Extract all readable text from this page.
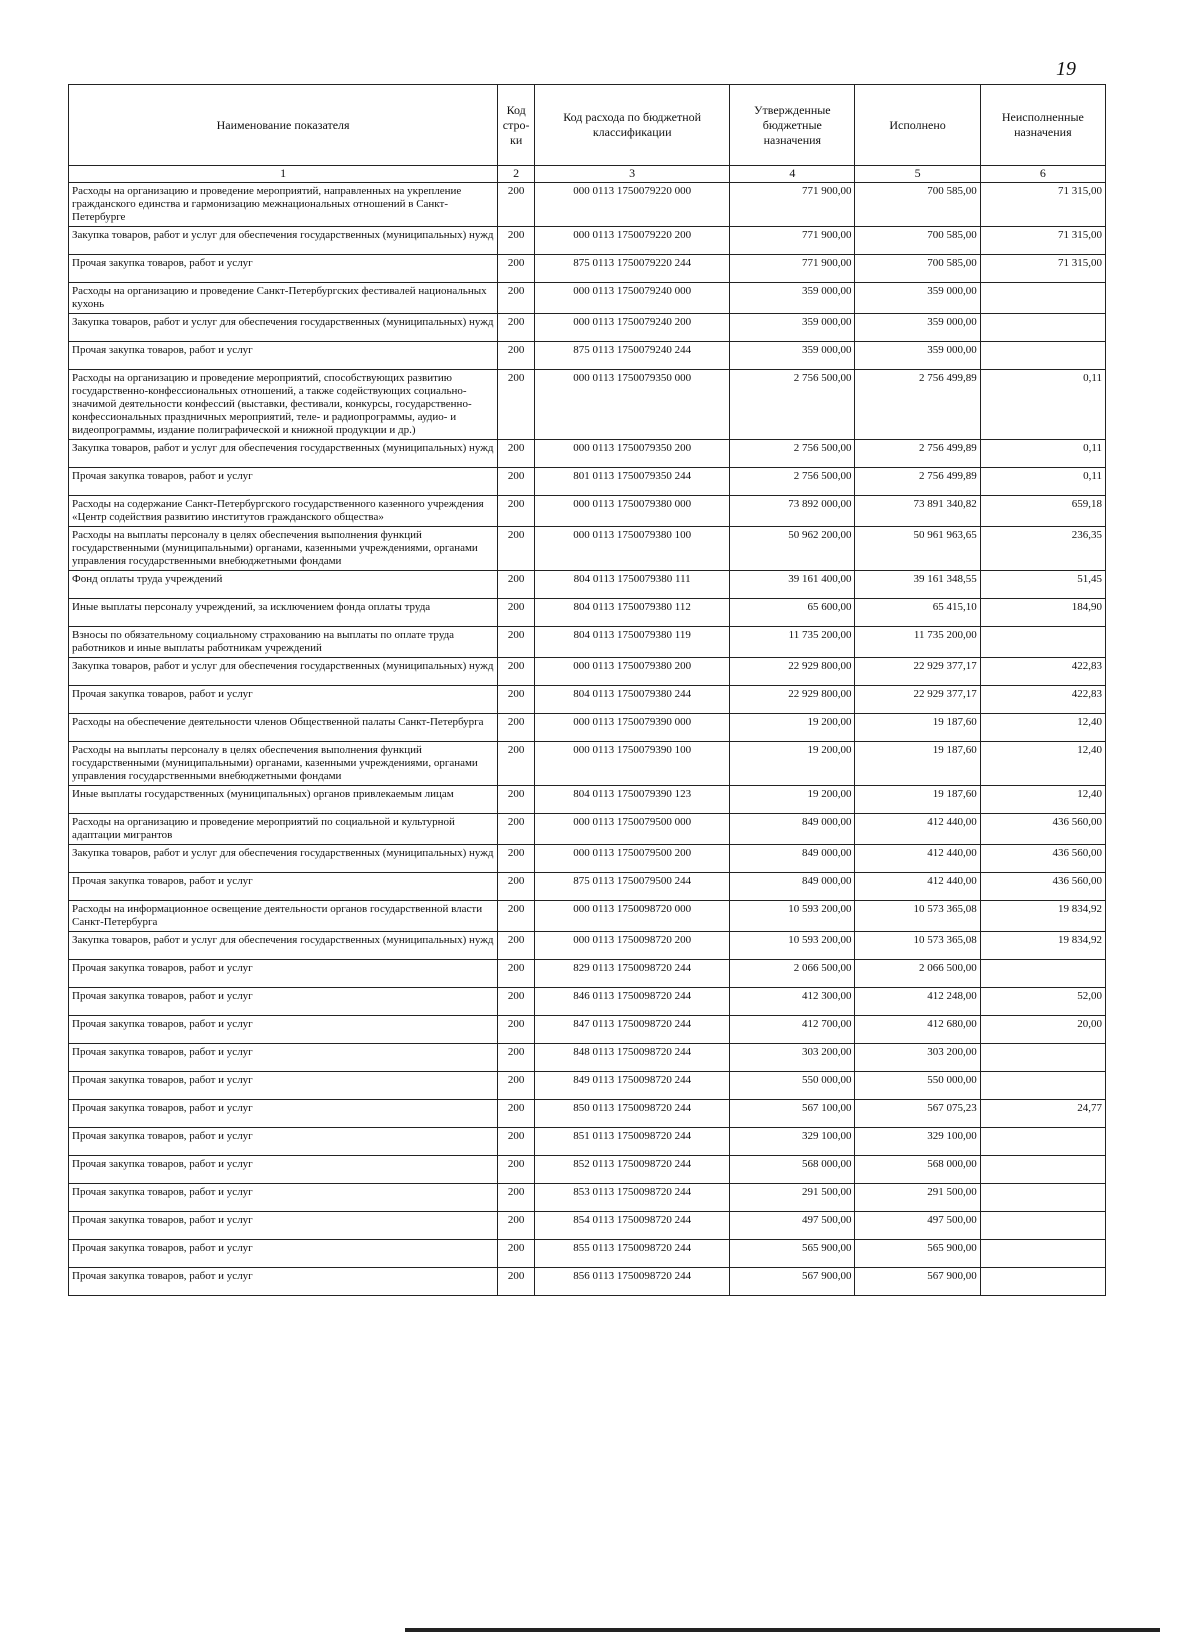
19
Наименование показателя	Код стро- ки	Код расхода по бюджетной классификации	Утвержденные бюджетные назначения	Исполнено	Неисполненные назначения
1	2	3	4	5	6
Расходы на организацию и проведение мероприятий, направленных на укрепление гражданского единства и гармонизацию межнациональных отношений в Санкт-Петербурге	200	000 0113 1750079220 000	771 900,00	700 585,00	71 315,00
Закупка товаров, работ и услуг для обеспечения государственных (муниципальных) нужд	200	000 0113 1750079220 200	771 900,00	700 585,00	71 315,00
Прочая закупка товаров, работ и услуг	200	875 0113 1750079220 244	771 900,00	700 585,00	71 315,00
Расходы на организацию и проведение Санкт-Петербургских фестивалей национальных кухонь	200	000 0113 1750079240 000	359 000,00	359 000,00	
Закупка товаров, работ и услуг для обеспечения государственных (муниципальных) нужд	200	000 0113 1750079240 200	359 000,00	359 000,00	
Прочая закупка товаров, работ и услуг	200	875 0113 1750079240 244	359 000,00	359 000,00	
Расходы на организацию и проведение мероприятий, способствующих развитию государственно-конфессиональных отношений, а также содействующих социально-значимой деятельности конфессий (выставки, фестивали, конкурсы, государственно-конфессиональных праздничных мероприятий, теле- и радиопрограммы, аудио- и видеопрограммы, издание полиграфической и книжной продукции и др.)	200	000 0113 1750079350 000	2 756 500,00	2 756 499,89	0,11
Закупка товаров, работ и услуг для обеспечения государственных (муниципальных) нужд	200	000 0113 1750079350 200	2 756 500,00	2 756 499,89	0,11
Прочая закупка товаров, работ и услуг	200	801 0113 1750079350 244	2 756 500,00	2 756 499,89	0,11
Расходы на содержание Санкт-Петербургского государственного казенного учреждения «Центр содействия развитию институтов гражданского общества»	200	000 0113 1750079380 000	73 892 000,00	73 891 340,82	659,18
Расходы на выплаты персоналу в целях обеспечения выполнения функций государственными (муниципальными) органами, казенными учреждениями, органами управления государственными внебюджетными фондами	200	000 0113 1750079380 100	50 962 200,00	50 961 963,65	236,35
Фонд оплаты труда учреждений	200	804 0113 1750079380 111	39 161 400,00	39 161 348,55	51,45
Иные выплаты персоналу учреждений, за исключением фонда оплаты труда	200	804 0113 1750079380 112	65 600,00	65 415,10	184,90
Взносы по обязательному социальному страхованию на выплаты по оплате труда работников и иные выплаты работникам учреждений	200	804 0113 1750079380 119	11 735 200,00	11 735 200,00	
Закупка товаров, работ и услуг для обеспечения государственных (муниципальных) нужд	200	000 0113 1750079380 200	22 929 800,00	22 929 377,17	422,83
Прочая закупка товаров, работ и услуг	200	804 0113 1750079380 244	22 929 800,00	22 929 377,17	422,83
Расходы на обеспечение деятельности членов Общественной палаты Санкт-Петербурга	200	000 0113 1750079390 000	19 200,00	19 187,60	12,40
Расходы на выплаты персоналу в целях обеспечения выполнения функций государственными (муниципальными) органами, казенными учреждениями, органами управления государственными внебюджетными фондами	200	000 0113 1750079390 100	19 200,00	19 187,60	12,40
Иные выплаты государственных (муниципальных) органов привлекаемым лицам	200	804 0113 1750079390 123	19 200,00	19 187,60	12,40
Расходы на организацию и проведение мероприятий по социальной и культурной адаптации мигрантов	200	000 0113 1750079500 000	849 000,00	412 440,00	436 560,00
Закупка товаров, работ и услуг для обеспечения государственных (муниципальных) нужд	200	000 0113 1750079500 200	849 000,00	412 440,00	436 560,00
Прочая закупка товаров, работ и услуг	200	875 0113 1750079500 244	849 000,00	412 440,00	436 560,00
Расходы на информационное освещение деятельности органов государственной власти Санкт-Петербурга	200	000 0113 1750098720 000	10 593 200,00	10 573 365,08	19 834,92
Закупка товаров, работ и услуг для обеспечения государственных (муниципальных) нужд	200	000 0113 1750098720 200	10 593 200,00	10 573 365,08	19 834,92
Прочая закупка товаров, работ и услуг	200	829 0113 1750098720 244	2 066 500,00	2 066 500,00	
Прочая закупка товаров, работ и услуг	200	846 0113 1750098720 244	412 300,00	412 248,00	52,00
Прочая закупка товаров, работ и услуг	200	847 0113 1750098720 244	412 700,00	412 680,00	20,00
Прочая закупка товаров, работ и услуг	200	848 0113 1750098720 244	303 200,00	303 200,00	
Прочая закупка товаров, работ и услуг	200	849 0113 1750098720 244	550 000,00	550 000,00	
Прочая закупка товаров, работ и услуг	200	850 0113 1750098720 244	567 100,00	567 075,23	24,77
Прочая закупка товаров, работ и услуг	200	851 0113 1750098720 244	329 100,00	329 100,00	
Прочая закупка товаров, работ и услуг	200	852 0113 1750098720 244	568 000,00	568 000,00	
Прочая закупка товаров, работ и услуг	200	853 0113 1750098720 244	291 500,00	291 500,00	
Прочая закупка товаров, работ и услуг	200	854 0113 1750098720 244	497 500,00	497 500,00	
Прочая закупка товаров, работ и услуг	200	855 0113 1750098720 244	565 900,00	565 900,00	
Прочая закупка товаров, работ и услуг	200	856 0113 1750098720 244	567 900,00	567 900,00	
